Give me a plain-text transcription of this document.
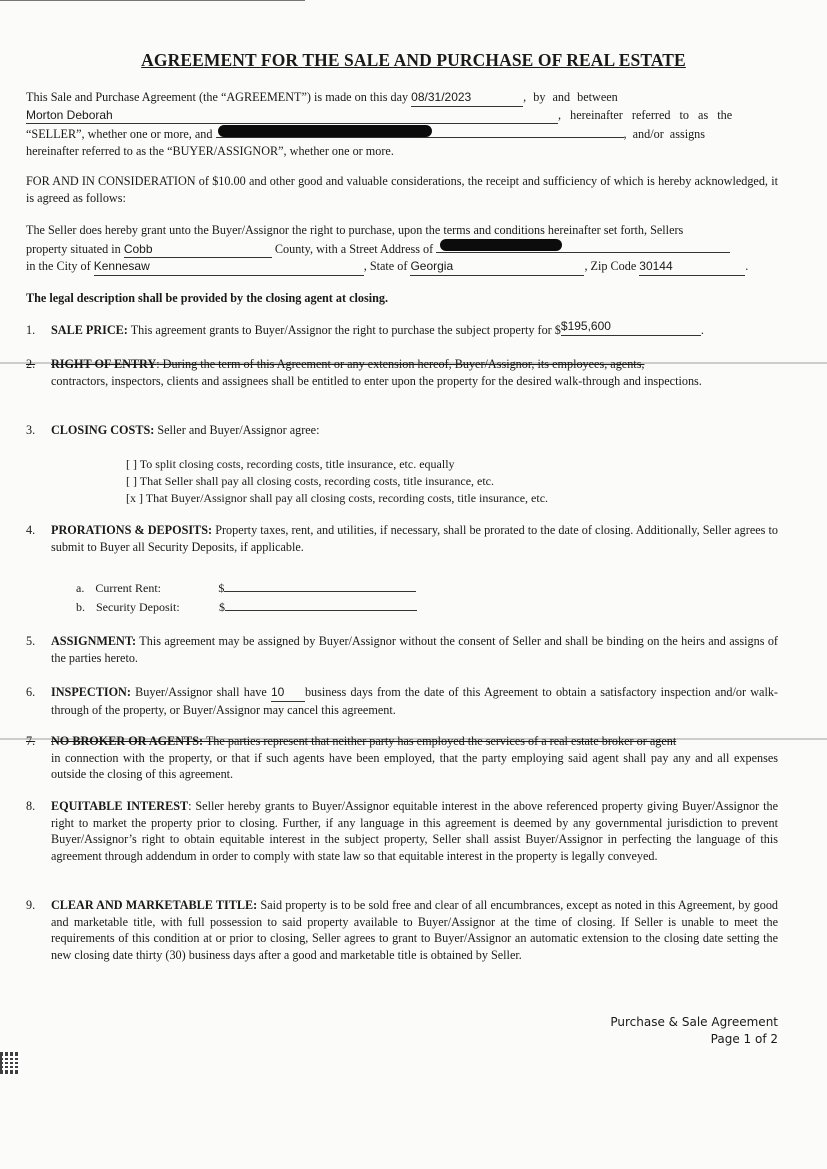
AGREEMENT FOR THE SALE AND PURCHASE OF REAL ESTATE
This Sale and Purchase Agreement (the “AGREEMENT”) is made on this day 08/31/2023	, by and between
Morton Deborah	, hereinafter referred to as the
“SELLER”, whether one or more, and	, and/or assigns
hereinafter referred to as the “BUYER/ASSIGNOR”, whether one or more.
FOR AND IN CONSIDERATION of $10.00 and other good and valuable considerations, the receipt and sufficiency of which is hereby acknowledged, it is agreed as follows:
The Seller does hereby grant unto the Buyer/Assignor the right to purchase, upon the terms and conditions hereinafter set forth, Sellers
property situated in Cobb	County, with a Street Address of
in the City of Kennesaw	, State of Georgia	, Zip Code 30144	.
The legal description shall be provided by the closing agent at closing.
1.	SALE PRICE: This agreement grants to Buyer/Assignor the right to purchase the subject property for $$195,600	.
2.	RIGHT OF ENTRY: During the term of this Agreement or any extension hereof, Buyer/Assignor, its employees, agents,
contractors, inspectors, clients and assignees shall be entitled to enter upon the property for the desired walk-through and inspections.
3.	CLOSING COSTS: Seller and Buyer/Assignor agree:
[ ] To split closing costs, recording costs, title insurance, etc. equally
[ ] That Seller shall pay all closing costs, recording costs, title insurance, etc.
[x ] That Buyer/Assignor shall pay all closing costs, recording costs, title insurance, etc.
4.	PRORATIONS & DEPOSITS: Property taxes, rent, and utilities, if necessary, shall be prorated to the date of closing. Additionally, Seller agrees to submit to Buyer all Security Deposits, if applicable.
a. Current Rent:	$
b. Security Deposit:	$
5.	ASSIGNMENT: This agreement may be assigned by Buyer/Assignor without the consent of Seller and shall be binding on the heirs and assigns of the parties hereto.
6.	INSPECTION: Buyer/Assignor shall have 10 business days from the date of this Agreement to obtain a satisfactory inspection and/or walk-through of the property, or Buyer/Assignor may cancel this agreement.
7.	NO BROKER OR AGENTS: The parties represent that neither party has employed the services of a real estate broker or agent
in connection with the property, or that if such agents have been employed, that the party employing said agent shall pay any and all expenses outside the closing of this agreement.
8.	EQUITABLE INTEREST: Seller hereby grants to Buyer/Assignor equitable interest in the above referenced property giving Buyer/Assignor the right to market the property prior to closing. Further, if any language in this agreement is deemed by any governmental jurisdiction to prevent Buyer/Assignor’s right to obtain equitable interest in the subject property, Seller shall assist Buyer/Assignor in perfecting the language of this agreement through addendum in order to comply with state law so that equitable interest in the property is legally conveyed.
9.	CLEAR AND MARKETABLE TITLE: Said property is to be sold free and clear of all encumbrances, except as noted in this Agreement, by good and marketable title, with full possession to said property available to Buyer/Assignor at the time of closing. If Seller is unable to meet the requirements of this condition at or prior to closing, Seller agrees to grant to Buyer/Assignor an automatic extension to the closing date setting the new closing date thirty (30) business days after a good and marketable title is obtained by Seller.
Purchase & Sale Agreement
Page 1 of 2
